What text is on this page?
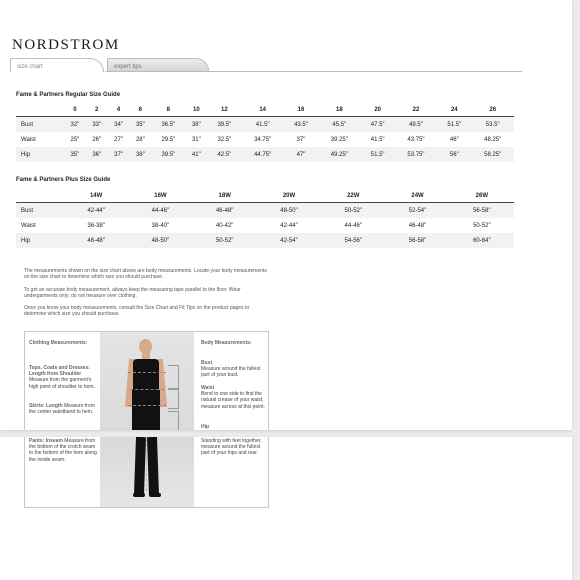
NORDSTROM
expert tips
size chart
Fame & Partners Regular Size Guide
	0	2	4	6	8	10	12	14	16	18	20	22	24	26
Bust	32"	33"	34"	35"	36.5"	38"	39.5"	41.5"	43.5"	45.5"	47.5"	49.5"	51.5"	53.5"
Waist	25"	26"	27"	28"	29.5"	31"	32.5"	34.75"	37"	39.25"	41.5"	43.75"	46"	48.25"
Hip	35"	36"	37"	38"	39.5"	41"	42.5"	44.75"	47"	49.25"	51.5"	53.75"	56"	58.25"
Fame & Partners Plus Size Guide
	14W	16W	18W	20W	22W	24W	26W
Bust	42-44"	44-46"	46-48"	48-50"	50-52"	52-54"	56-58"
Waist	36-38"	38-40"	40-42"	42-44"	44-46"	46-48"	50-52"
Hip	46-48"	48-50"	50-52"	42-54"	54-56"	56-58"	60-64"

The measurements shown on the size chart above are body measurements. Locate your body measurements on the size chart to determine which size you should purchase.

To get an accurate body measurement, always keep the measuring tape parallel to the floor. Wear undergarments only; do not measure over clothing.

Once you know your body measurements, consult the Size Chart and Fit Tips on the product pages to determine which size you should purchase.

Clothing Measurements:
Tops, Coats and Dresses: Length from Shoulder Measure from the garment's high point of shoulder to hem.
Skirts: Length Measure from the center waistband to hem.
Body Measurements:
Bust
Measure around the fullest part of your bust.
Waist
Bend to one side to find the natural crease of your waist; measure across at this point.
Hip
Pants: Inseam Measure from the bottom of the crotch seam to the bottom of the hem along the inside seam.
Standing with feet together, measure around the fullest part of your hips and rear.
